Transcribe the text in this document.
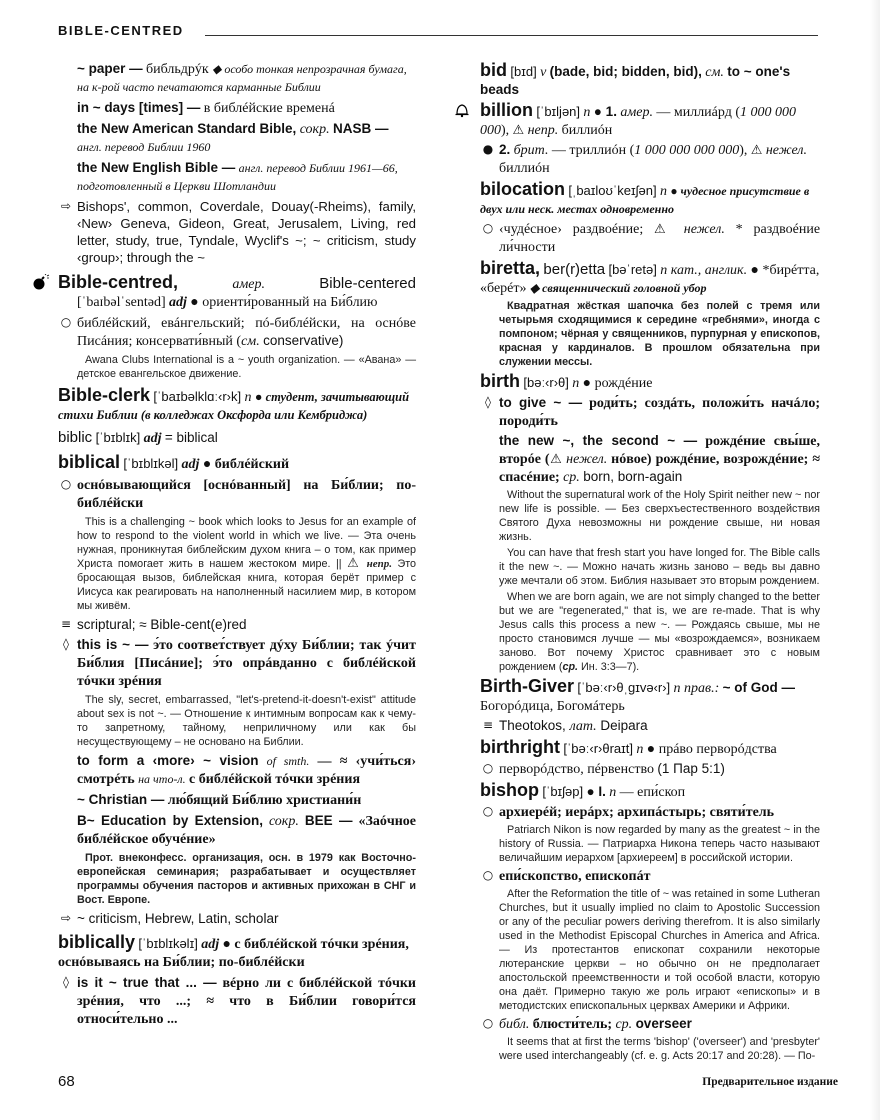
BIBLE-CENTRED
~ paper — библьдрýк ◆ особо тонкая непрозрачная бумага, на к-рой часто печатаются карманные Библии
in ~ days [times] — в библéйские временá
the New American Standard Bible, сокр. NASB — англ. перевод Библии 1960
the New English Bible — англ. перевод Библии 1961—66, подготовленный в Церкви Шотландии
⇨ Bishops', common, Coverdale, Douay(-Rheims), family, ‹New› Geneva, Gideon, Great, Jerusalem, Living, red letter, study, true, Tyndale, Wyclif's ~; ~ criticism, study ‹group›; through the ~
Bible-centred,	амер.	Bible-centered
[ˈbaɪbəlˈsentəd] adj ● ориенти́рованный на Би́блию
○ библéйский, евáнгельский; пó-библéйски, на оснóве Писáния; консервати́вный (см. conservative)
Awana Clubs International is a ~ youth organization. — «Авана» — детское евангельское движение.
Bible-clerk [ˈbaɪbəlklɑː‹r›k] n ● студент, зачитывающий стихи Библии (в колледжах Оксфорда или Кембриджа)
biblic [ˈbɪblɪk] adj = biblical
biblical [ˈbɪblɪkəl] adj ● библéйский
○ оснóвывающийся [оснóванный] на Би́блии; по-библéйски
This is a challenging ~ book which looks to Jesus for an example of how to respond to the violent world in which we live. — Эта очень нужная, проникнутая библейским духом книга – о том, как пример Христа помогает жить в нашем жестоком мире. || ⚠ непр. Это бросающая вызов, библейская книга, которая берёт пример с Иисуса как реагировать на наполненный насилием мир, в котором мы живём.
≡ scriptural; ≈ Bible-cent(e)red
◊ this is ~ — э́то соответ́ствует дýху Би́блии; так ýчит Би́блия [Писáние]; э́то опрáвданно с библéйской тóчки зрéния
The sly, secret, embarrassed, "let's-pretend-it-doesn't-exist" attitude about sex is not ~. — Отношение к интимным вопросам как к чему-то запретному, тайному, неприличному или как бы несуществующему – не основано на Библии.
to form a ‹more› ~ vision of smth. — ≈ ‹учи́ться› смотрéть на что-л. с библéйской тóчки зрéния
~ Christian — лю́бящий Би́блию христиани́н
B~ Education by Extension, сокр. BEE — «Заóчное библéйское обучéние»
Прот. внеконфесс. организация, осн. в 1979 как Восточно-европейская семинария; разрабатывает и осуществляет программы обучения пасторов и активных прихожан в СНГ и Вост. Европе.
⇨ ~ criticism, Hebrew, Latin, scholar
biblically [ˈbɪblɪkəlɪ] adj ● с библéйской тóчки зрéния, оснóвываясь на Би́блии; по-библéйски
◊ is it ~ true that ... — вéрно ли с библéйской тóчки зрéния, что ...; ≈ что в Би́блии говори́тся относи́тельно ...
bid [bɪd] v (bade, bid; bidden, bid), см. to ~ one's beads
billion [ˈbɪljən] n ● 1. амер. — миллиáрд (1 000 000 000), ⚠ непр. биллиóн
● 2. брит. — триллиóн (1 000 000 000 000), ⚠ нежел. биллиóн
bilocation [ˌbaɪloʊˈkeɪʃən] n ● чудесное присутствие в двух или неск. местах одновременно
○ ‹чудéсное› раздвоéние; ⚠ нежел. * раздвоéние ли́чности
biretta, ber(r)etta [bəˈretə] n кат., англик. ● *бирéтта, «берéт» ◆ священнический головной убор
Квадратная жёсткая шапочка без полей с тремя или четырьмя сходящимися к середине «гребнями», иногда с помпоном; чёрная у священников, пурпурная у епископов, красная у кардиналов. В прошлом обязательна при служении мессы.
birth [bəː‹r›θ] n ● рождéние
◊ to give ~ — роди́ть; создáть, положи́ть начáло; породи́ть
the new ~, the second ~ — рождéние свы́ше, вторóе (⚠ нежел. нóвое) рождéние, возрождéние; ≈ спасéние; ср. born, born-again
Without the supernatural work of the Holy Spirit neither new ~ nor new life is possible. — Без сверхъестественного воздействия Святого Духа невозможны ни рождение свыше, ни новая жизнь.
You can have that fresh start you have longed for. The Bible calls it the new ~. — Можно начать жизнь заново – ведь вы давно уже мечтали об этом. Библия называет это вторым рождением.
When we are born again, we are not simply changed to the better but we are "regenerated," that is, we are re-made. That is why Jesus calls this process a new ~. — Рождаясь свыше, мы не просто становимся лучше — мы «возрождаемся», возникаем заново. Вот почему Христос сравнивает это с новым рождением (ср. Ин. 3:3—7).
Birth-Giver [ˈbəː‹r›θˌgɪvə‹r›] n прав.: ~ of God — Богорóдица, Богомáтерь
≡ Theotokos, лат. Deipara
birthright [ˈbəː‹r›θraɪt] n ● прáво перворóдства
○ перворóдство, пéрвенство (1 Пар 5:1)
bishop [ˈbɪʃəp] ● I. n — епи́скоп
○ архиерéй; иерáрх; архипáстырь; святи́тель
Patriarch Nikon is now regarded by many as the greatest ~ in the history of Russia. — Патриарха Никона теперь часто называют величайшим иерархом [архиереем] в российской истории.
○ епи́скопство, епископáт
After the Reformation the title of ~ was retained in some Lutheran Churches, but it usually implied no claim to Apostolic Succession or any of the peculiar powers deriving therefrom. It is also similarly used in the Methodist Episcopal Churches in America and Africa. — Из протестантов епископат сохранили некоторые лютеранские церкви – но обычно он не предполагает апостольской преемственности и той особой власти, которую она даёт. Примерно такую же роль играют «епископы» и в методистских епископальных церквах Америки и Африки.
○ библ. блюсти́тель; ср. overseer
It seems that at first the terms 'bishop' ('overseer') and 'presbyter' were used interchangeably (cf. e. g. Acts 20:17 and 20:28). — По-
68	Предварительное издание
